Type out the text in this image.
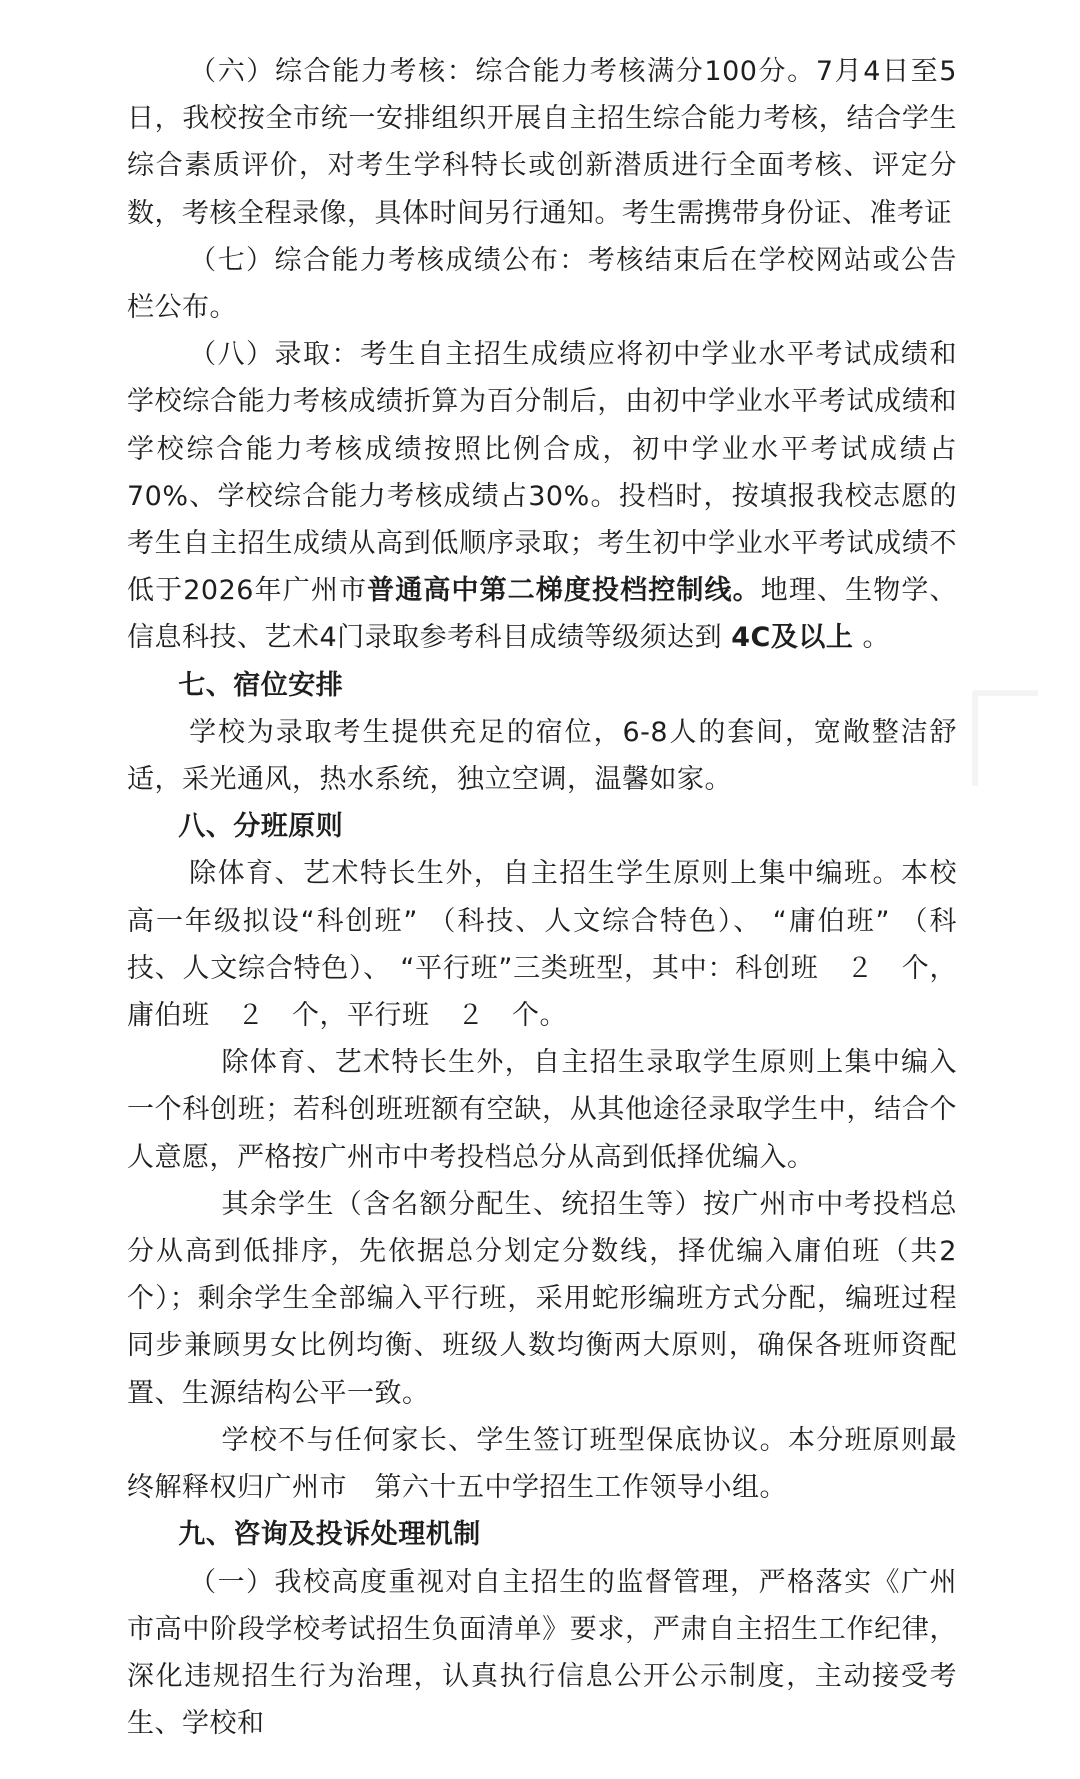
（六）综合能力考核：综合能力考核满分100分。7月4日至5日，我校按全市统一安排组织开展自主招生综合能力考核，结合学生综合素质评价，对考生学科特长或创新潜质进行全面考核、评定分数，考核全程录像，具体时间另行通知。考生需携带身份证、准考证

（七）综合能力考核成绩公布：考核结束后在学校网站或公告栏公布。

（八）录取：考生自主招生成绩应将初中学业水平考试成绩和学校综合能力考核成绩折算为百分制后，由初中学业水平考试成绩和学校综合能力考核成绩按照比例合成，初中学业水平考试成绩占70%、学校综合能力考核成绩占30%。投档时，按填报我校志愿的考生自主招生成绩从高到低顺序录取；考生初中学业水平考试成绩不低于2026年广州市普通高中第二梯度投档控制线。地理、生物学、信息科技、艺术4门录取参考科目成绩等级须达到 4C及以上 。

七、宿位安排

学校为录取考生提供充足的宿位，6-8人的套间，宽敞整洁舒适，采光通风，热水系统，独立空调，温馨如家。

八、分班原则

除体育、艺术特长生外，自主招生学生原则上集中编班。本校高一年级拟设“科创班” （科技、人文综合特色）、 “庸伯班” （科技、人文综合特色）、 “平行班”三类班型，其中：科创班　２　个，庸伯班　２　个，平行班　２　个。

除体育、艺术特长生外，自主招生录取学生原则上集中编入一个科创班；若科创班班额有空缺，从其他途径录取学生中，结合个人意愿，严格按广州市中考投档总分从高到低择优编入。

其余学生（含名额分配生、统招生等）按广州市中考投档总分从高到低排序，先依据总分划定分数线，择优编入庸伯班（共2个）；剩余学生全部编入平行班，采用蛇形编班方式分配，编班过程同步兼顾男女比例均衡、班级人数均衡两大原则，确保各班师资配置、生源结构公平一致。

学校不与任何家长、学生签订班型保底协议。本分班原则最终解释权归广州市　第六十五中学招生工作领导小组。

九、咨询及投诉处理机制

（一）我校高度重视对自主招生的监督管理，严格落实《广州市高中阶段学校考试招生负面清单》要求，严肃自主招生工作纪律，深化违规招生行为治理，认真执行信息公开公示制度，主动接受考生、学校和
